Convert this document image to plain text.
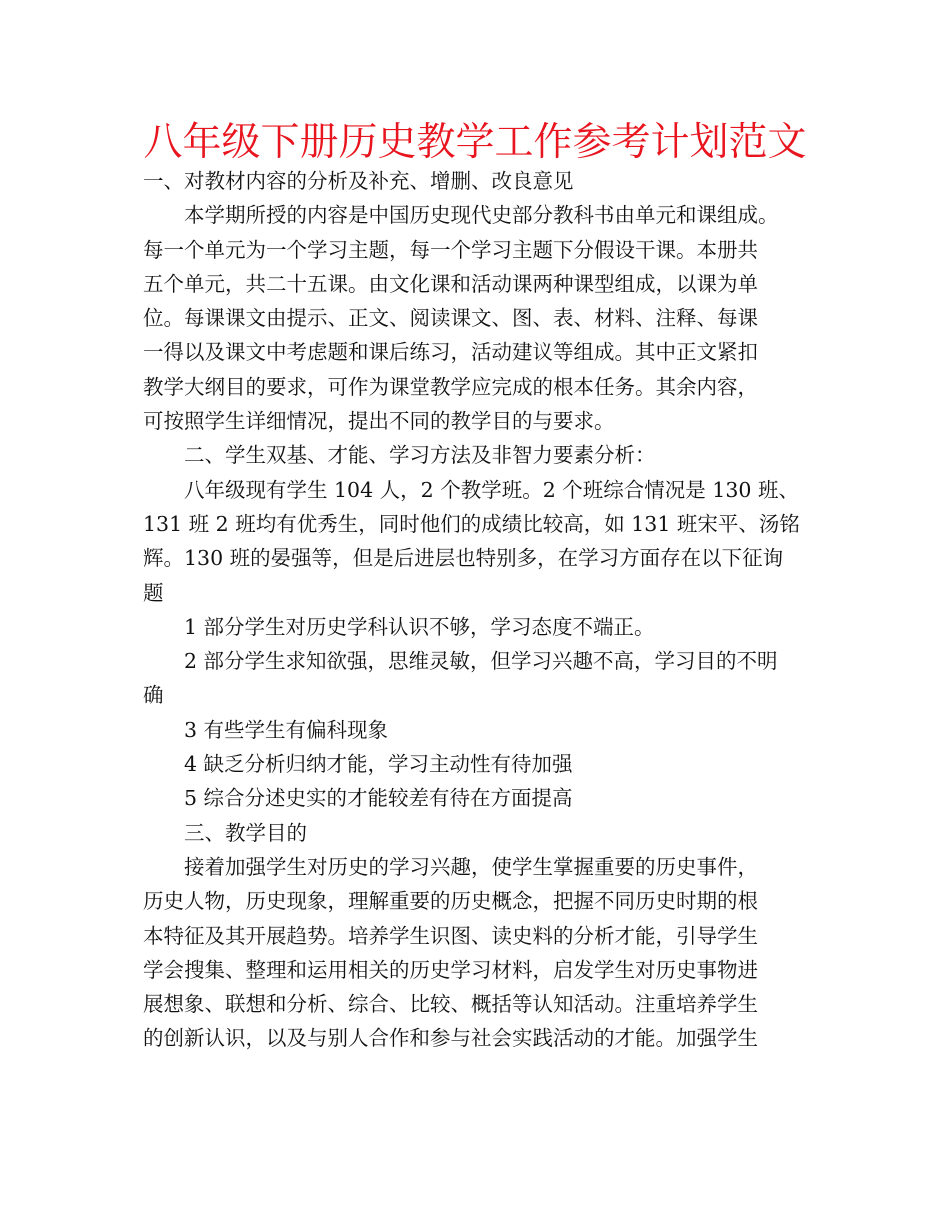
八年级下册历史教学工作参考计划范文
一、对教材内容的分析及补充、增删、改良意见
本学期所授的内容是中国历史现代史部分教科书由单元和课组成。
每一个单元为一个学习主题，每一个学习主题下分假设干课。本册共
五个单元，共二十五课。由文化课和活动课两种课型组成，以课为单
位。每课课文由提示、正文、阅读课文、图、表、材料、注释、每课
一得以及课文中考虑题和课后练习，活动建议等组成。其中正文紧扣
教学大纲目的要求，可作为课堂教学应完成的根本任务。其余内容，
可按照学生详细情况，提出不同的教学目的与要求。
二、学生双基、才能、学习方法及非智力要素分析：
八年级现有学生 104 人，2 个教学班。2 个班综合情况是 130 班、
131 班 2 班均有优秀生，同时他们的成绩比较高，如 131 班宋平、汤铭
辉。130 班的晏强等，但是后进层也特别多，在学习方面存在以下征询
题
1 部分学生对历史学科认识不够，学习态度不端正。
2 部分学生求知欲强，思维灵敏，但学习兴趣不高，学习目的不明
确
3 有些学生有偏科现象
4 缺乏分析归纳才能，学习主动性有待加强
5 综合分述史实的才能较差有待在方面提高
三、教学目的
接着加强学生对历史的学习兴趣，使学生掌握重要的历史事件，
历史人物，历史现象，理解重要的历史概念，把握不同历史时期的根
本特征及其开展趋势。培养学生识图、读史料的分析才能，引导学生
学会搜集、整理和运用相关的历史学习材料，启发学生对历史事物进
展想象、联想和分析、综合、比较、概括等认知活动。注重培养学生
的创新认识，以及与别人合作和参与社会实践活动的才能。加强学生
